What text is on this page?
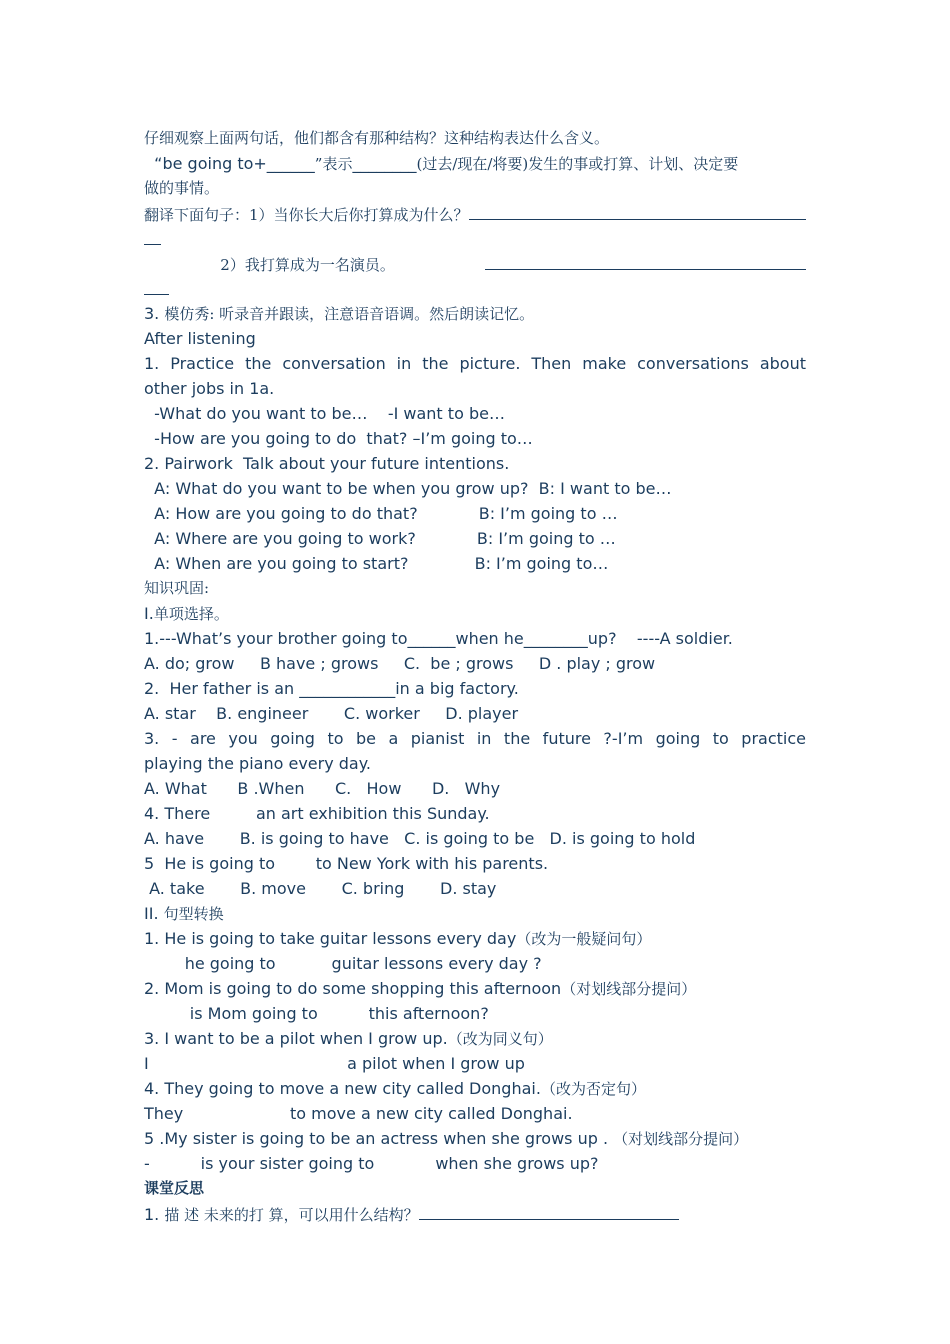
仔细观察上面两句话，他们都含有那种结构？这种结构表达什么含义。
“be going to+______”表示________(过去/现在/将要)发生的事或打算、计划、决定要
做的事情。
翻译下面句子：1）当你长大后你打算成为什么？
2）我打算成为一名演员。
3. 模仿秀: 听录音并跟读，注意语音语调。然后朗读记忆。
After listening
1. Practice the conversation in the picture. Then make conversations about
other jobs in 1a.
-What do you want to be…    -I want to be…
-How are you going to do  that? –I’m going to…
2. Pairwork  Talk about your future intentions.
A: What do you want to be when you grow up?  B: I want to be…
A: How are you going to do that?            B: I’m going to …
A: Where are you going to work?            B: I’m going to …
A: When are you going to start?             B: I’m going to…
知识巩固:
I.单项选择。
1.---What’s your brother going to______when he________up?    ----A soldier.
A. do; grow     B have ; grows     C.  be ; grows     D . play ; grow
2.  Her father is an ____________in a big factory.
A. star    B. engineer       C. worker     D. player
3. - are you going to be a pianist in the future ?-I’m going to practice
playing the piano every day.
A. What      B .When      C.   How      D.   Why
4. There         an art exhibition this Sunday.
A. have       B. is going to have   C. is going to be   D. is going to hold
5  He is going to        to New York with his parents.
A. take       B. move       C. bring       D. stay
II. 句型转换
1. He is going to take guitar lessons every day（改为一般疑问句）
he going to           guitar lessons every day ?
2. Mom is going to do some shopping this afternoon（对划线部分提问）
is Mom going to          this afternoon?
3. I want to be a pilot when I grow up.（改为同义句）
I                                       a pilot when I grow up
4. They going to move a new city called Donghai.（改为否定句）
They                     to move a new city called Donghai.
5 .My sister is going to be an actress when she grows up . （对划线部分提问）
-          is your sister going to            when she grows up?
课堂反思
1. 描 述 未来的打 算，可以用什么结构？
